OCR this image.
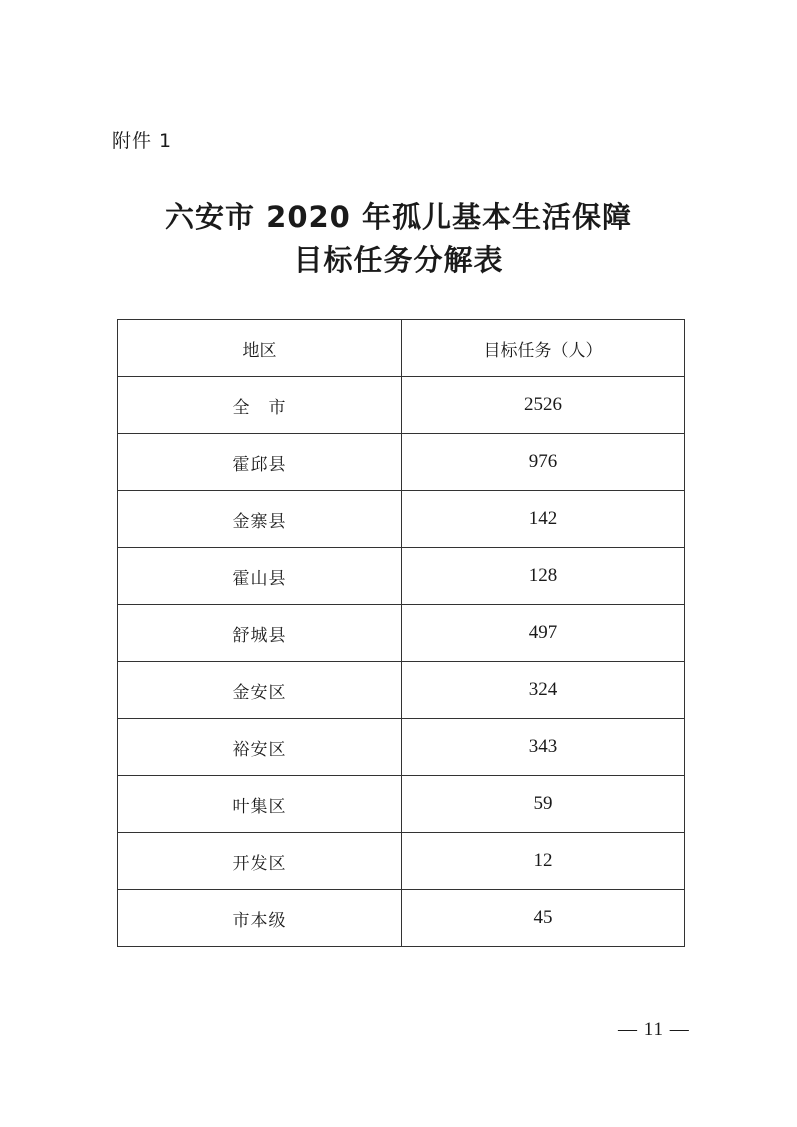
附件 1
六安市 2020 年孤儿基本生活保障
目标任务分解表
地区	目标任务（人）
全　市	2526
霍邱县	976
金寨县	142
霍山县	128
舒城县	497
金安区	324
裕安区	343
叶集区	59
开发区	12
市本级	45
— 11 —
